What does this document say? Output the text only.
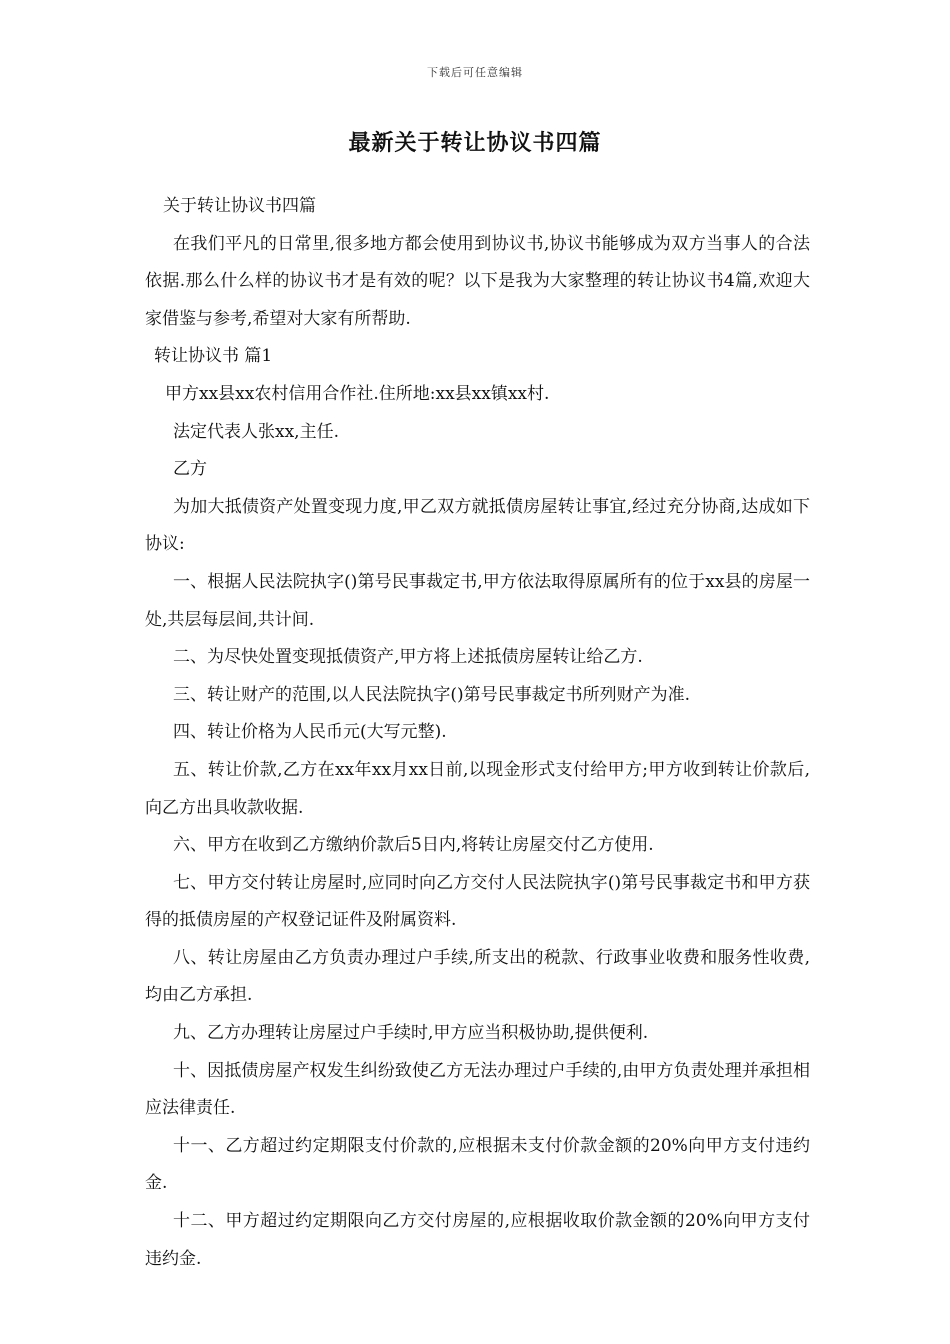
下载后可任意编辑
最新关于转让协议书四篇

关于转让协议书四篇

在我们平凡的日常里,很多地方都会使用到协议书,协议书能够成为双方当事人的合法依据.那么什么样的协议书才是有效的呢？以下是我为大家整理的转让协议书4篇,欢迎大家借鉴与参考,希望对大家有所帮助.

转让协议书 篇1

甲方xx县xx农村信用合作社.住所地:xx县xx镇xx村.

法定代表人张xx,主任.

乙方

为加大抵债资产处置变现力度,甲乙双方就抵债房屋转让事宜,经过充分协商,达成如下协议:

一、根据人民法院执字()第号民事裁定书,甲方依法取得原属所有的位于xx县的房屋一处,共层每层间,共计间.

二、为尽快处置变现抵债资产,甲方将上述抵债房屋转让给乙方.

三、转让财产的范围,以人民法院执字()第号民事裁定书所列财产为准.

四、转让价格为人民币元(大写元整).

五、转让价款,乙方在xx年xx月xx日前,以现金形式支付给甲方;甲方收到转让价款后,向乙方出具收款收据.

六、甲方在收到乙方缴纳价款后5日内,将转让房屋交付乙方使用.

七、甲方交付转让房屋时,应同时向乙方交付人民法院执字()第号民事裁定书和甲方获得的抵债房屋的产权登记证件及附属资料.

八、转让房屋由乙方负责办理过户手续,所支出的税款、行政事业收费和服务性收费,均由乙方承担.

九、乙方办理转让房屋过户手续时,甲方应当积极协助,提供便利.

十、因抵债房屋产权发生纠纷致使乙方无法办理过户手续的,由甲方负责处理并承担相应法律责任.

十一、乙方超过约定期限支付价款的,应根据未支付价款金额的20%向甲方支付违约金.

十二、甲方超过约定期限向乙方交付房屋的,应根据收取价款金额的20%向甲方支付违约金.
